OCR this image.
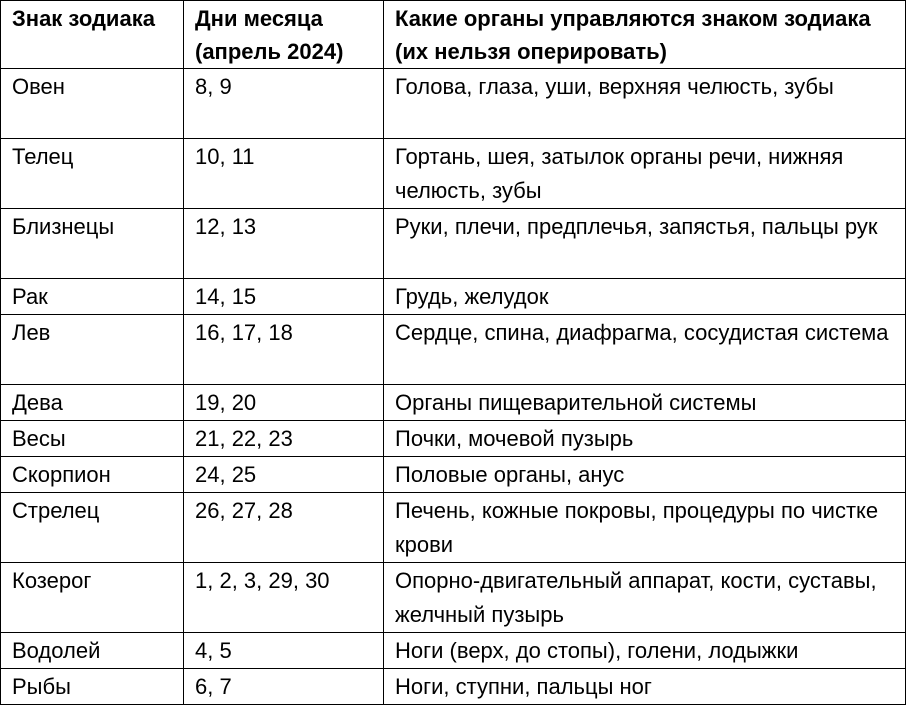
Знак зодиака	Дни месяца (апрель 2024)	Какие органы управляются знаком зодиака (их нельзя оперировать)
Овен	8, 9	Голова, глаза, уши, верхняя челюсть, зубы
Телец	10, 11	Гортань, шея, затылок органы речи, нижняя челюсть, зубы
Близнецы	12, 13	Руки, плечи, предплечья, запястья, пальцы рук
Рак	14, 15	Грудь, желудок
Лев	16, 17, 18	Сердце, спина, диафрагма, сосудистая система
Дева	19, 20	Органы пищеварительной системы
Весы	21, 22, 23	Почки, мочевой пузырь
Скорпион	24, 25	Половые органы, анус
Стрелец	26, 27, 28	Печень, кожные покровы, процедуры по чистке крови
Козерог	1, 2, 3, 29, 30	Опорно-двигательный аппарат, кости, суставы, желчный пузырь
Водолей	4, 5	Ноги (верх, до стопы), голени, лодыжки
Рыбы	6, 7	Ноги, ступни, пальцы ног
